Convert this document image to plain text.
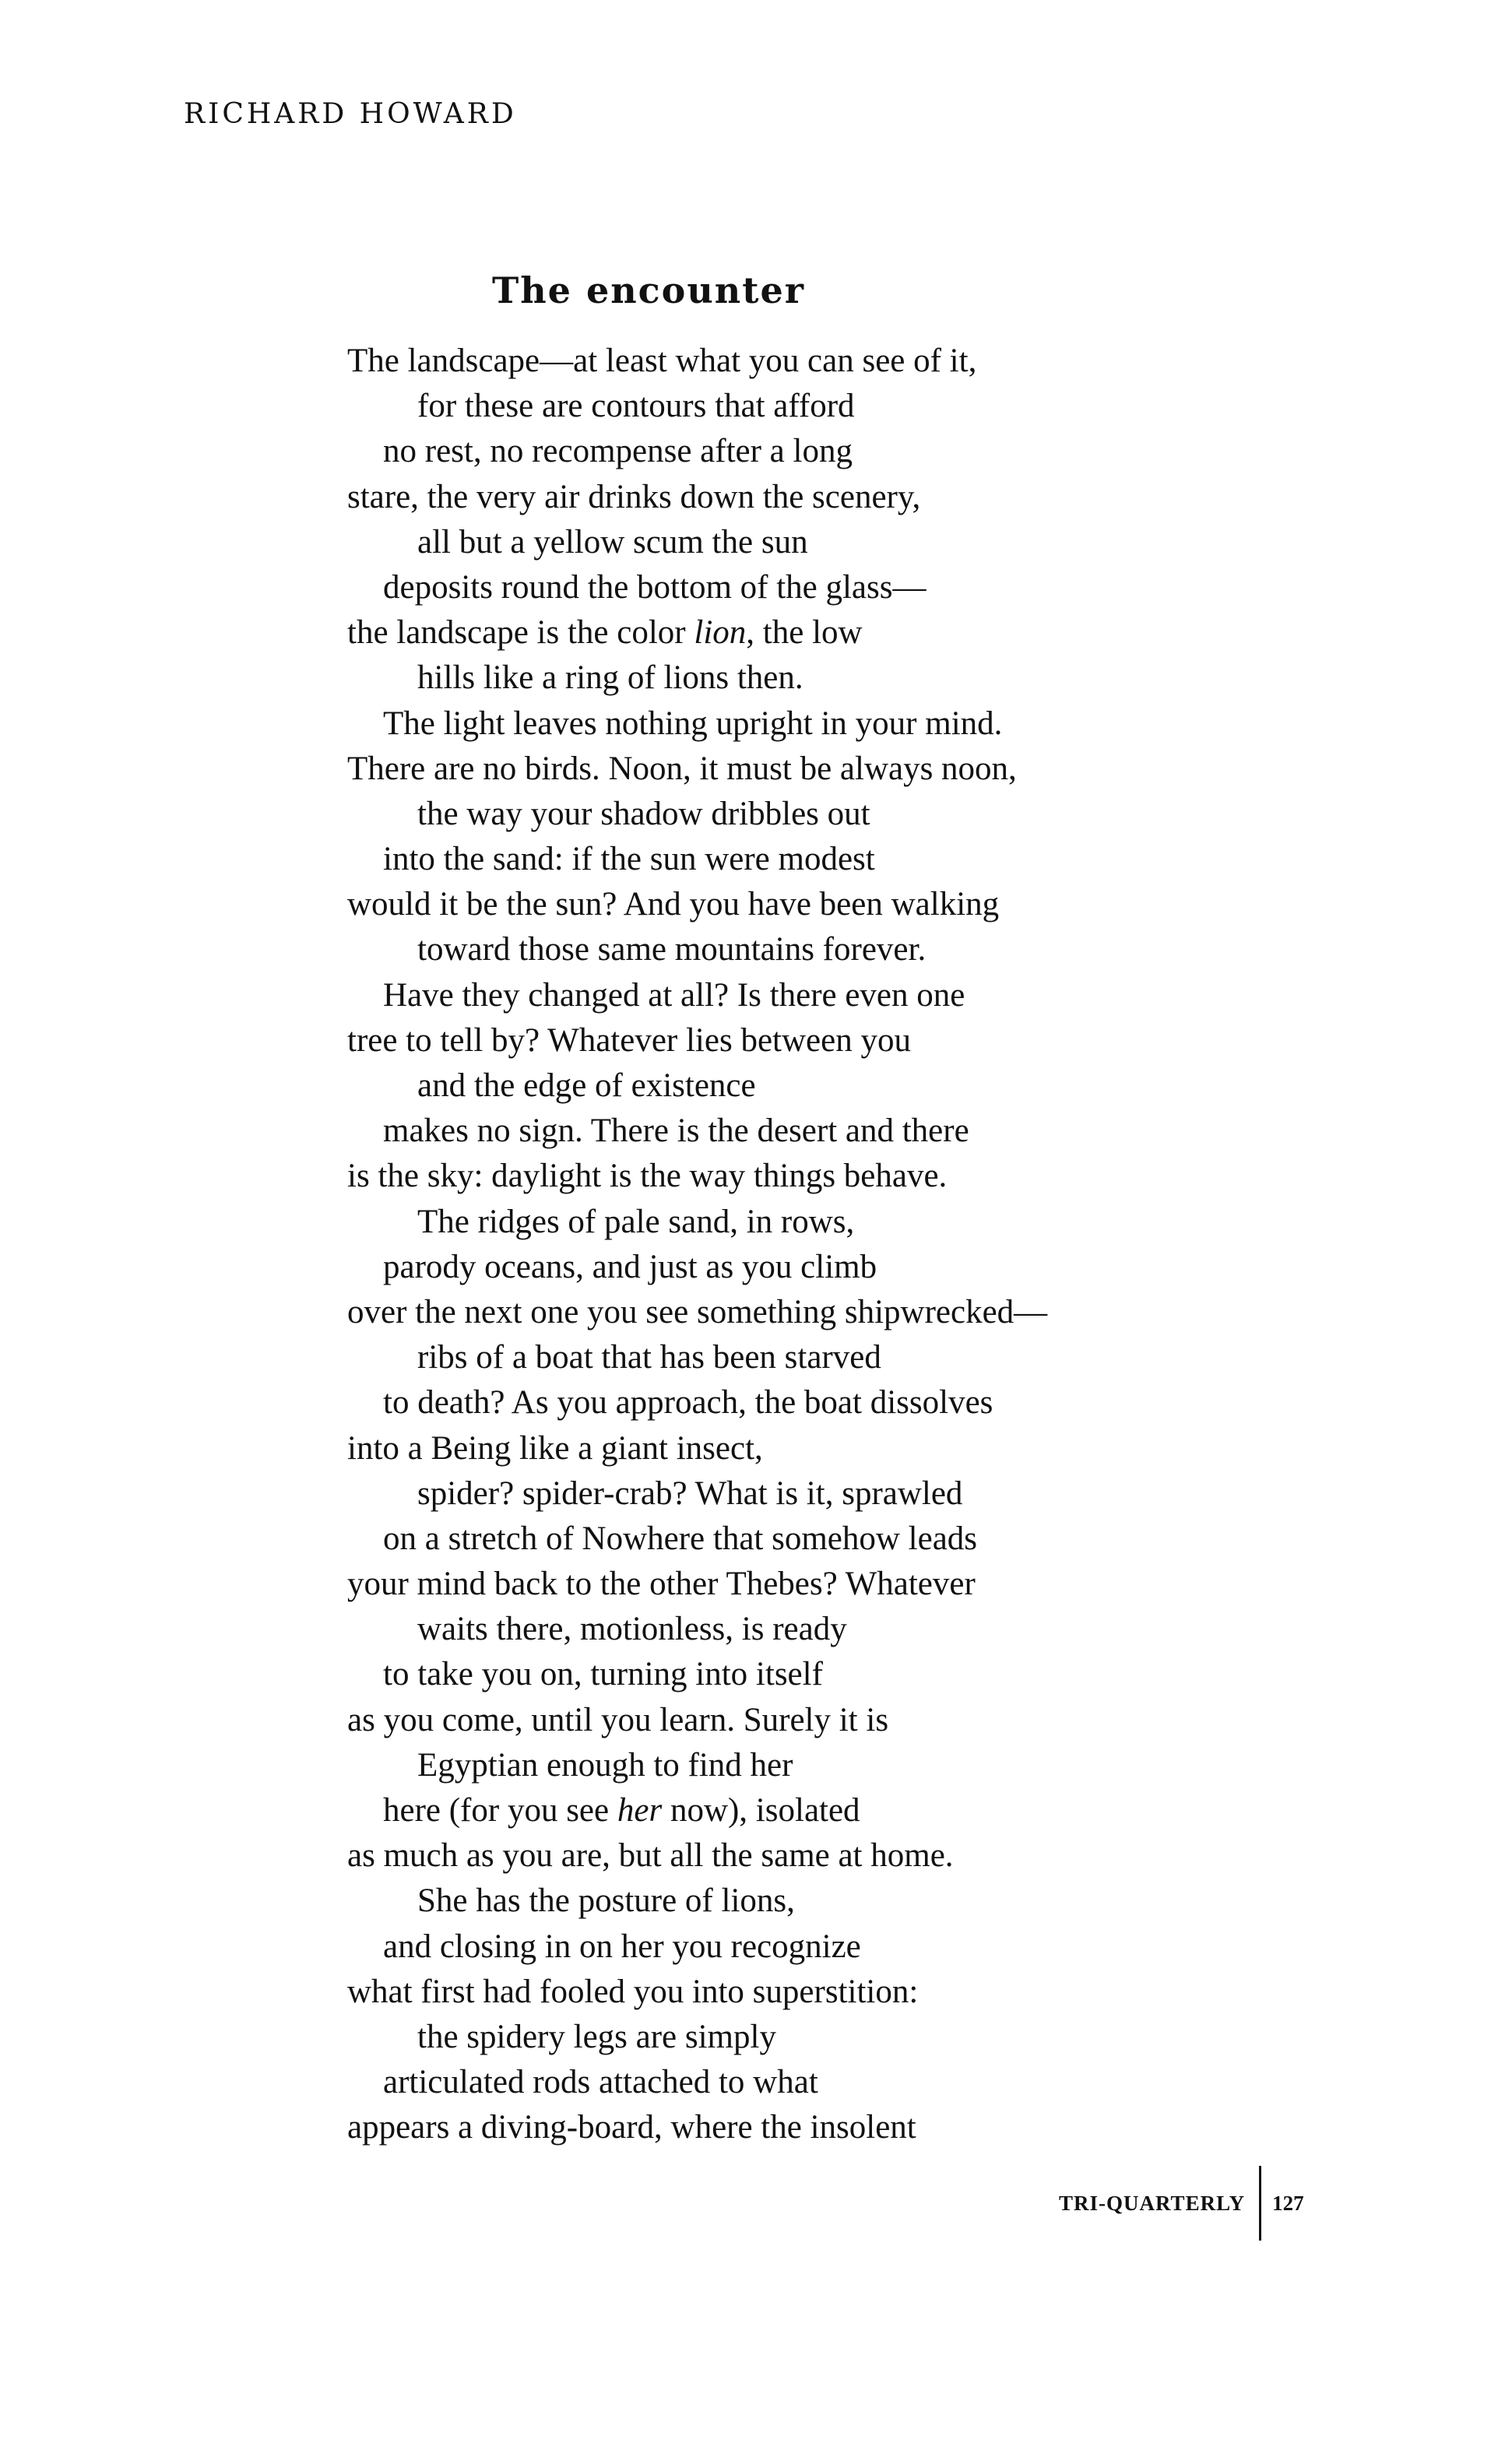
RICHARD HOWARD
The encounter
The landscape—at least what you can see of it,
for these are contours that afford
no rest, no recompense after a long
stare, the very air drinks down the scenery,
all but a yellow scum the sun
deposits round the bottom of the glass—
the landscape is the color lion, the low
hills like a ring of lions then.
The light leaves nothing upright in your mind.
There are no birds. Noon, it must be always noon,
the way your shadow dribbles out
into the sand: if the sun were modest
would it be the sun? And you have been walking
toward those same mountains forever.
Have they changed at all? Is there even one
tree to tell by? Whatever lies between you
and the edge of existence
makes no sign. There is the desert and there
is the sky: daylight is the way things behave.
The ridges of pale sand, in rows,
parody oceans, and just as you climb
over the next one you see something shipwrecked—
ribs of a boat that has been starved
to death? As you approach, the boat dissolves
into a Being like a giant insect,
spider? spider-crab? What is it, sprawled
on a stretch of Nowhere that somehow leads
your mind back to the other Thebes? Whatever
waits there, motionless, is ready
to take you on, turning into itself
as you come, until you learn. Surely it is
Egyptian enough to find her
here (for you see her now), isolated
as much as you are, but all the same at home.
She has the posture of lions,
and closing in on her you recognize
what first had fooled you into superstition:
the spidery legs are simply
articulated rods attached to what
appears a diving-board, where the insolent
TRI-QUARTERLY 127
